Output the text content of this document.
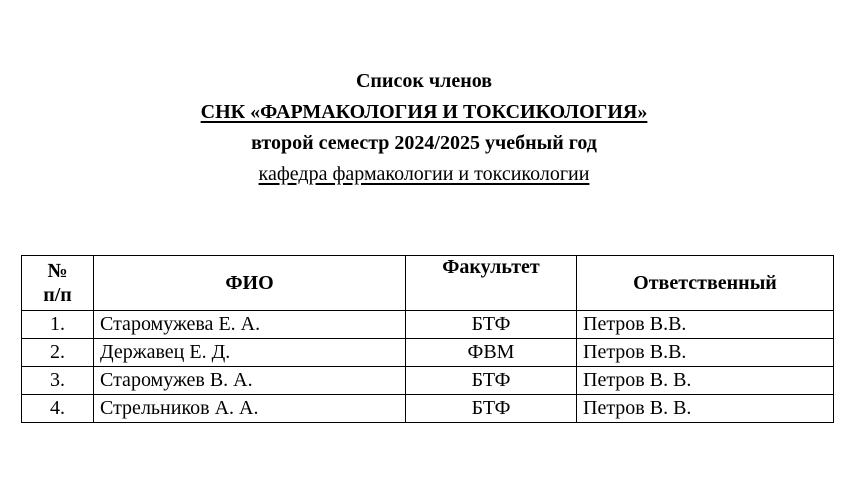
Список членов
СНК «ФАРМАКОЛОГИЯ И ТОКСИКОЛОГИЯ»
второй семестр 2024/2025 учебный год
кафедра фармакологии и токсикологии
№
п/п	ФИО	Факультет	Ответственный
1.	Старомужева Е. А.	БТФ	Петров В.В.
2.	Державец Е. Д.	ФВМ	Петров В.В.
3.	Старомужев В. А.	БТФ	Петров В. В.
4.	Стрельников А. А.	БТФ	Петров В. В.
